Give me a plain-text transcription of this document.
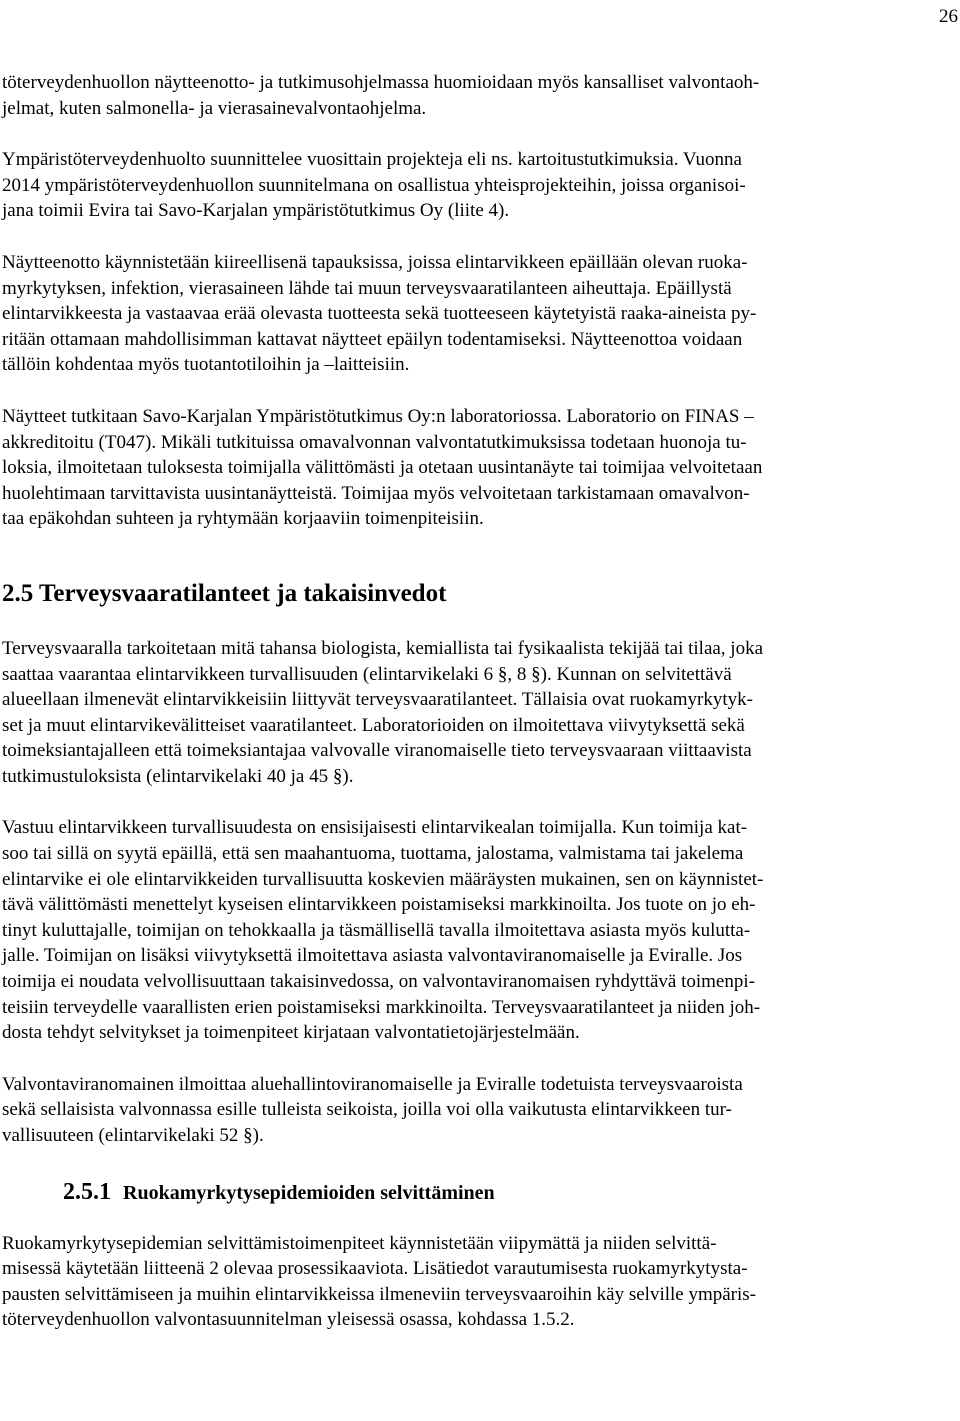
26

töterveydenhuollon näytteenotto- ja tutkimusohjelmassa huomioidaan myös kansalliset valvontaoh-
jelmat, kuten salmonella- ja vierasainevalvontaohjelma.

Ympäristöterveydenhuolto suunnittelee vuosittain projekteja eli ns. kartoitustutkimuksia. Vuonna
2014 ympäristöterveydenhuollon suunnitelmana on osallistua yhteisprojekteihin, joissa organisoi-
jana toimii Evira tai Savo-Karjalan ympäristötutkimus Oy (liite 4).

Näytteenotto käynnistetään kiireellisenä tapauksissa, joissa elintarvikkeen epäillään olevan ruoka-
myrkytyksen, infektion, vierasaineen lähde tai muun terveysvaaratilanteen aiheuttaja. Epäillystä
elintarvikkeesta ja vastaavaa erää olevasta tuotteesta sekä tuotteeseen käytetyistä raaka-aineista py-
ritään ottamaan mahdollisimman kattavat näytteet epäilyn todentamiseksi. Näytteenottoa voidaan
tällöin kohdentaa myös tuotantotiloihin ja –laitteisiin.

Näytteet tutkitaan Savo-Karjalan Ympäristötutkimus Oy:n laboratoriossa. Laboratorio on FINAS –
akkreditoitu (T047). Mikäli tutkituissa omavalvonnan valvontatutkimuksissa todetaan huonoja tu-
loksia, ilmoitetaan tuloksesta toimijalla välittömästi ja otetaan uusintanäyte tai toimijaa velvoitetaan
huolehtimaan tarvittavista uusintanäytteistä. Toimijaa myös velvoitetaan tarkistamaan omavalvon-
taa epäkohdan suhteen ja ryhtymään korjaaviin toimenpiteisiin.

2.5 Terveysvaaratilanteet ja takaisinvedot

Terveysvaaralla tarkoitetaan mitä tahansa biologista, kemiallista tai fysikaalista tekijää tai tilaa, joka
saattaa vaarantaa elintarvikkeen turvallisuuden (elintarvikelaki 6 §, 8 §). Kunnan on selvitettävä
alueellaan ilmenevät elintarvikkeisiin liittyvät terveysvaaratilanteet. Tällaisia ovat ruokamyrkytyk-
set ja muut elintarvikevälitteiset vaaratilanteet. Laboratorioiden on ilmoitettava viivytyksettä sekä
toimeksiantajalleen että toimeksiantajaa valvovalle viranomaiselle tieto terveysvaaraan viittaavista
tutkimustuloksista (elintarvikelaki 40 ja 45 §).

Vastuu elintarvikkeen turvallisuudesta on ensisijaisesti elintarvikealan toimijalla. Kun toimija kat-
soo tai sillä on syytä epäillä, että sen maahantuoma, tuottama, jalostama, valmistama tai jakelema
elintarvike ei ole elintarvikkeiden turvallisuutta koskevien määräysten mukainen, sen on käynnistet-
tävä välittömästi menettelyt kyseisen elintarvikkeen poistamiseksi markkinoilta. Jos tuote on jo eh-
tinyt kuluttajalle, toimijan on tehokkaalla ja täsmällisellä tavalla ilmoitettava asiasta myös kulutta-
jalle. Toimijan on lisäksi viivytyksettä ilmoitettava asiasta valvontaviranomaiselle ja Eviralle. Jos
toimija ei noudata velvollisuuttaan takaisinvedossa, on valvontaviranomaisen ryhdyttävä toimenpi-
teisiin terveydelle vaarallisten erien poistamiseksi markkinoilta. Terveysvaaratilanteet ja niiden joh-
dosta tehdyt selvitykset ja toimenpiteet kirjataan valvontatietojärjestelmään.

Valvontaviranomainen ilmoittaa aluehallintoviranomaiselle ja Eviralle todetuista terveysvaaroista
sekä sellaisista valvonnassa esille tulleista seikoista, joilla voi olla vaikutusta elintarvikkeen tur-
vallisuuteen (elintarvikelaki 52 §).

2.5.1 Ruokamyrkytysepidemioiden selvittäminen

Ruokamyrkytysepidemian selvittämistoimenpiteet käynnistetään viipymättä ja niiden selvittä-
misessä käytetään liitteenä 2 olevaa prosessikaaviota. Lisätiedot varautumisesta ruokamyrkytysta-
pausten selvittämiseen ja muihin elintarvikkeissa ilmeneviin terveysvaaroihin käy selville ympäris-
töterveydenhuollon valvontasuunnitelman yleisessä osassa, kohdassa 1.5.2.
